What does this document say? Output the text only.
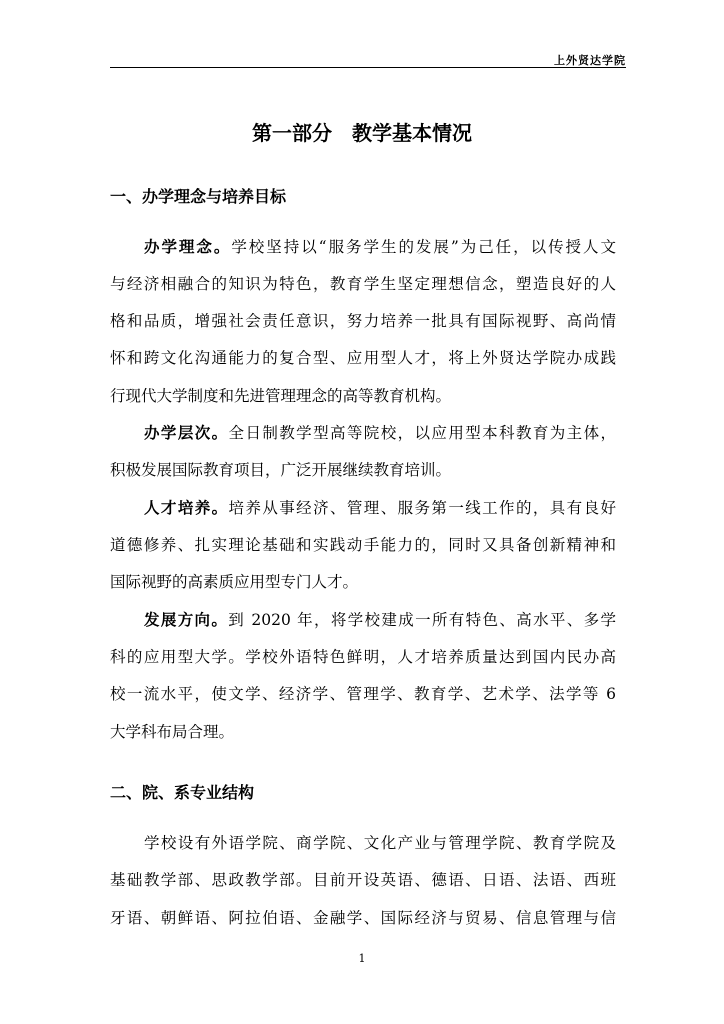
上外贤达学院
第一部分　教学基本情况
一、办学理念与培养目标
办学理念。学校坚持以“服务学生的发展”为己任，以传授人文
与经济相融合的知识为特色，教育学生坚定理想信念，塑造良好的人
格和品质，增强社会责任意识，努力培养一批具有国际视野、高尚情
怀和跨文化沟通能力的复合型、应用型人才，将上外贤达学院办成践
行现代大学制度和先进管理理念的高等教育机构。
办学层次。全日制教学型高等院校，以应用型本科教育为主体，
积极发展国际教育项目，广泛开展继续教育培训。
人才培养。培养从事经济、管理、服务第一线工作的，具有良好
道德修养、扎实理论基础和实践动手能力的，同时又具备创新精神和
国际视野的高素质应用型专门人才。
发展方向。到 2020 年，将学校建成一所有特色、高水平、多学
科的应用型大学。学校外语特色鲜明，人才培养质量达到国内民办高
校一流水平，使文学、经济学、管理学、教育学、艺术学、法学等 6
大学科布局合理。
二、院、系专业结构
学校设有外语学院、商学院、文化产业与管理学院、教育学院及
基础教学部、思政教学部。目前开设英语、德语、日语、法语、西班
牙语、朝鲜语、阿拉伯语、金融学、国际经济与贸易、信息管理与信
1
